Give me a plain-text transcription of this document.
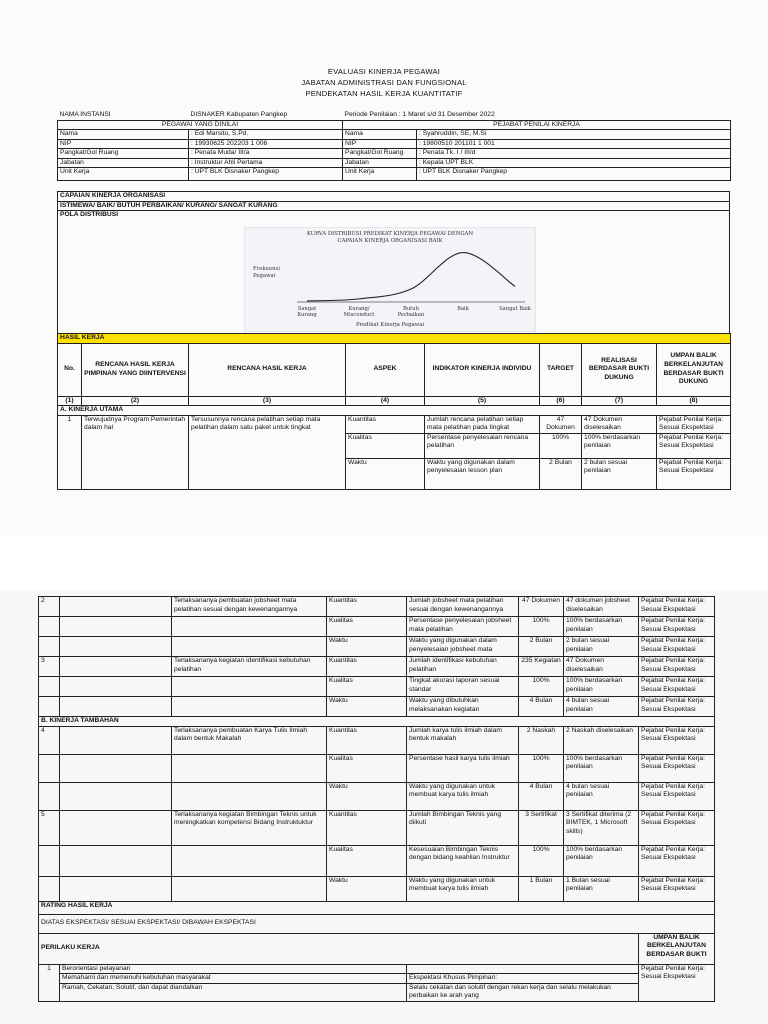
EVALUASI KINERJA PEGAWAI
JABATAN ADMINISTRASI DAN FUNGSIONAL
PENDEKATAN HASIL KERJA KUANTITATIF
NAMA INSTANSI	DISNAKER Kabupaten Pangkep	Periode Penilaian : 1 Maret s/d 31 Desember 2022	
PEGAWAI YANG DINILAI		PEJABAT PENILAI KINERJA	
Nama	: Edi Marsito, S.Pd.	Nama	: Syahruddin, SE, M.Si
NIP	: 19930625 202203 1 006	NIP	: 19800510 201101 1 001
Pangkat/Gol Ruang	: Penata Muda/ III/a	Pangkat/Gol Ruang	: Penata Tk. I / III/d
Jabatan	: Instruktur Ahli Pertama	Jabatan	: Kepala UPT BLK
Unit Kerja	: UPT BLK Disnaker Pangkep	Unit Kerja	: UPT BLK Disnaker Pangkep
CAPAIAN KINERJA ORGANISASI
ISTIMEWA/ BAIK/ BUTUH PERBAIKAN/ KURANG/ SANGAT KURANG
POLA DISTRIBUSI
KURVA DISTRIBUSI PREDIKAT KINERJA PEGAWAI DENGAN
CAPAIAN KINERJA ORGANISASI BAIK
Frekuensi
Pegawai
Sangat
Kurang
Kurang/
Misconduct
Butuh
Perbaikan
Baik	Sangat Baik
Predikat Kinerja Pegawai
HASIL KERJA							
No.	RENCANA HASIL KERJA PIMPINAN YANG DIINTERVENSI	RENCANA HASIL KERJA	ASPEK	INDIKATOR KINERJA INDIVIDU	TARGET	REALISASI BERDASAR BUKTI DUKUNG	UMPAN BALIK BERKELANJUTAN BERDASAR BUKTI DUKUNG
(1)	(2)	(3)	(4)	(5)	(6)	(7)	(8)
A. KINERJA UTAMA							
1	Terwujudnya Program Pemerintah dalam hal	Tersusunnya rencana pelatihan setiap mata pelatihan dalam satu paket untuk tingkat	Kuantitas	Jumlah rencana pelatihan setiap mata pelatihan pada tingkat	47 Dokumen	47 Dokumen diselesaikan	Pejabat Penilai Kerja: Sesuai Ekspektasi
			Kualitas	Persentase penyelesaian rencana pelatihan	100%	100% berdasarkan penilaian	Pejabat Penilai Kerja: Sesuai Ekspektasi
			Waktu	Waktu yang digunakan dalam penyelesaian lesson plan	2 Bulan	2 bulan sesuai penilaian	Pejabat Penilai Kerja: Sesuai Ekspektasi
2		Terlaksananya pembuatan jobsheet mata pelatihan sesuai dengan kewenangannya	Kuantitas	Jumlah jobsheet mata pelatihan sesuai dengan kewenangannya	47 Dokumen	47 dokumen jobsheet diselesaikan	Pejabat Penilai Kerja: Sesuai Ekspektasi
			Kualitas	Persentase penyelesaian jobsheet mata pelatihan	100%	100% berdasarkan penilaian	Pejabat Penilai Kerja: Sesuai Ekspektasi
			Waktu	Waktu yang digunakan dalam penyelesaian jobsheet mata	2 Bulan	2 bulan sesuai penilaian	Pejabat Penilai Kerja: Sesuai Ekspektasi
3		Terlaksananya kegiatan identifikasi kebutuhan pelatihan	Kuantitas	Jumlah identifikasi kebutuhan pelatihan	235 Kegiatan	47 Dokumen diselesaikan	Pejabat Penilai Kerja: Sesuai Ekspektasi
			Kualitas	Tingkat akurasi laporan sesuai standar	100%	100% berdasarkan penilaian	Pejabat Penilai Kerja: Sesuai Ekspektasi
			Waktu	Waktu yang dibutuhkan melaksanakan kegiatan	4 Bulan	4 bulan sesuai penilaian	Pejabat Penilai Kerja: Sesuai Ekspektasi
B. KINERJA TAMBAHAN							
4		Terlaksananya pembuatan Karya Tulis Ilmiah dalam bentuk Makalah	Kuantitas	Jumlah karya tulis ilmiah dalam bentuk makalah	2 Naskah	2 Naskah diselesaikan	Pejabat Penilai Kerja: Sesuai Ekspektasi
			Kualitas	Persentase hasil karya tulis ilmiah	100%	100% berdasarkan penilaian	Pejabat Penilai Kerja: Sesuai Ekspektasi
			Waktu	Waktu yang digunakan untuk membuat karya tulis ilmiah	4 Bulan	4 bulan sesuai penilaian	Pejabat Penilai Kerja: Sesuai Ekspektasi
5		Terlaksananya kegiatan Bimbingan Teknis untuk meningkatkan kompetensi Bidang Instruktuktur	Kuantitas	Jumlah Bimbingan Teknis yang diikuti	3 Sertifikat	3 Sertifikat diterima (2 BIMTEK, 1 Microsoft skills)	Pejabat Penilai Kerja: Sesuai Ekspektasi
			Kualitas	Kesesuaian Bimbingan Teknis dengan bidang keahlian Instruktur	100%	100% berdasarkan penilaian	Pejabat Penilai Kerja: Sesuai Ekspektasi
			Waktu	Waktu yang digunakan untuk membuat karya tulis ilmiah	1 Bulan	1 Bulan sesuai penilaian	Pejabat Penilai Kerja: Sesuai Ekspektasi
RATING HASIL KERJA							
DIATAS EKSPEKTASI/ SESUAI EKSPEKTASI/ DIBAWAH EKSPEKTASI							
PERILAKU KERJA							UMPAN BALIK BERKELANJUTAN BERDASAR BUKTI
1	Berorientasi pelayanan						Pejabat Penilai Kerja: Sesuai Ekspektasi
	Memahami dan memenuhi kebutuhan masyarakat			Ekspektasi Khusus Pimpinan:			
	Ramah, Cekatan, Solutif, dan dapat diandalkan			Selalu cekatan dan solutif dengan rekan kerja dan selalu melakukan perbaikan ke arah yang			
